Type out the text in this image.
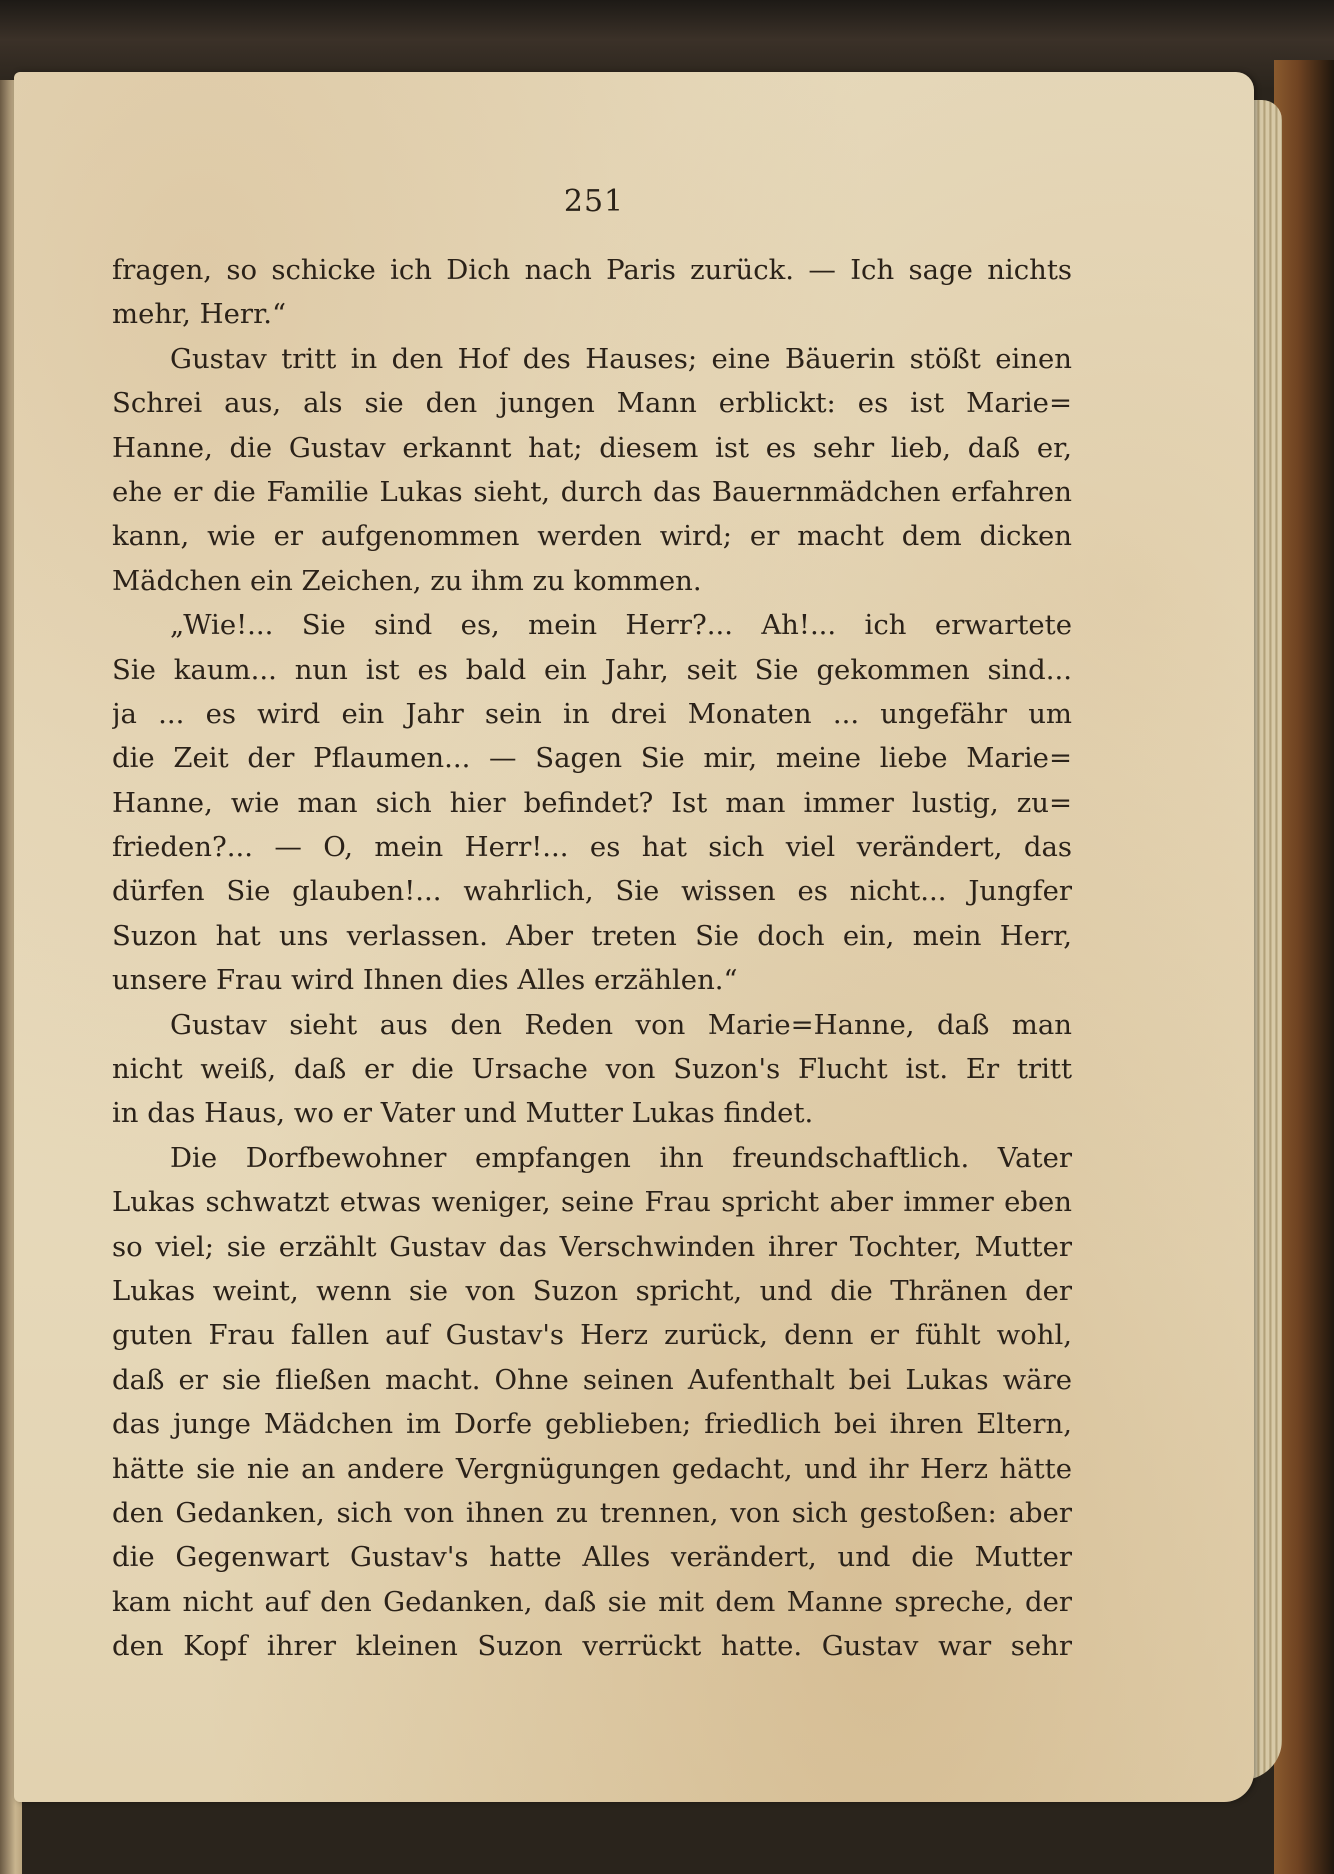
251
fragen, so schicke ich Dich nach Paris zurück. — Ich sage nichts
mehr, Herr.“
Gustav tritt in den Hof des Hauses; eine Bäuerin stößt einen
Schrei aus, als sie den jungen Mann erblickt: es ist Marie=
Hanne, die Gustav erkannt hat; diesem ist es sehr lieb, daß er,
ehe er die Familie Lukas sieht, durch das Bauernmädchen erfahren
kann, wie er aufgenommen werden wird; er macht dem dicken
Mädchen ein Zeichen, zu ihm zu kommen.
„Wie!... Sie sind es, mein Herr?... Ah!... ich erwartete
Sie kaum... nun ist es bald ein Jahr, seit Sie gekommen sind...
ja ... es wird ein Jahr sein in drei Monaten ... ungefähr um
die Zeit der Pflaumen... — Sagen Sie mir, meine liebe Marie=
Hanne, wie man sich hier befindet? Ist man immer lustig, zu=
frieden?... — O, mein Herr!... es hat sich viel verändert, das
dürfen Sie glauben!... wahrlich, Sie wissen es nicht... Jungfer
Suzon hat uns verlassen. Aber treten Sie doch ein, mein Herr,
unsere Frau wird Ihnen dies Alles erzählen.“
Gustav sieht aus den Reden von Marie=Hanne, daß man
nicht weiß, daß er die Ursache von Suzon's Flucht ist. Er tritt
in das Haus, wo er Vater und Mutter Lukas findet.
Die Dorfbewohner empfangen ihn freundschaftlich. Vater
Lukas schwatzt etwas weniger, seine Frau spricht aber immer eben
so viel; sie erzählt Gustav das Verschwinden ihrer Tochter, Mutter
Lukas weint, wenn sie von Suzon spricht, und die Thränen der
guten Frau fallen auf Gustav's Herz zurück, denn er fühlt wohl,
daß er sie fließen macht. Ohne seinen Aufenthalt bei Lukas wäre
das junge Mädchen im Dorfe geblieben; friedlich bei ihren Eltern,
hätte sie nie an andere Vergnügungen gedacht, und ihr Herz hätte
den Gedanken, sich von ihnen zu trennen, von sich gestoßen: aber
die Gegenwart Gustav's hatte Alles verändert, und die Mutter
kam nicht auf den Gedanken, daß sie mit dem Manne spreche, der
den Kopf ihrer kleinen Suzon verrückt hatte. Gustav war sehr
